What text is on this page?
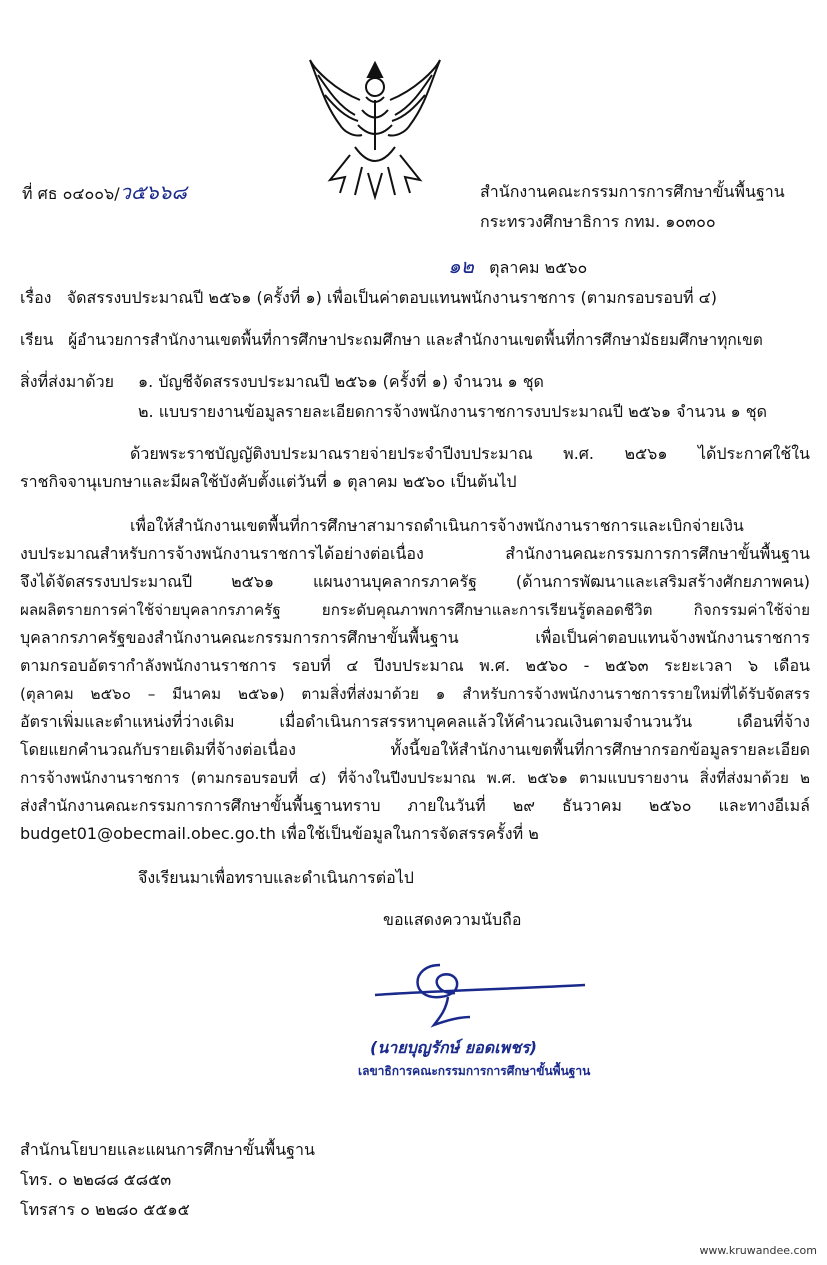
ที่ ศธ ๐๔๐๐๖/ว๕๖๖๘	สำนักงานคณะกรรมการการศึกษาขั้นพื้นฐาน
กระทรวงศึกษาธิการ กทม. ๑๐๓๐๐
๑๒ ตุลาคม ๒๕๖๐
เรื่อง จัดสรรงบประมาณปี ๒๕๖๑ (ครั้งที่ ๑) เพื่อเป็นค่าตอบแทนพนักงานราชการ (ตามกรอบรอบที่ ๔)
เรียน ผู้อำนวยการสำนักงานเขตพื้นที่การศึกษาประถมศึกษา และสำนักงานเขตพื้นที่การศึกษามัธยมศึกษาทุกเขต
สิ่งที่ส่งมาด้วย ๑. บัญชีจัดสรรงบประมาณปี ๒๕๖๑ (ครั้งที่ ๑) จำนวน ๑ ชุด
๒. แบบรายงานข้อมูลรายละเอียดการจ้างพนักงานราชการงบประมาณปี ๒๕๖๑ จำนวน ๑ ชุด
ด้วยพระราชบัญญัติงบประมาณรายจ่ายประจำปีงบประมาณ พ.ศ. ๒๕๖๑ ได้ประกาศใช้ใน
ราชกิจจานุเบกษาและมีผลใช้บังคับตั้งแต่วันที่ ๑ ตุลาคม ๒๕๖๐ เป็นต้นไป
เพื่อให้สำนักงานเขตพื้นที่การศึกษาสามารถดำเนินการจ้างพนักงานราชการและเบิกจ่ายเงิน
งบประมาณสำหรับการจ้างพนักงานราชการได้อย่างต่อเนื่อง สำนักงานคณะกรรมการการศึกษาขั้นพื้นฐาน
จึงได้จัดสรรงบประมาณปี ๒๕๖๑ แผนงานบุคลากรภาครัฐ (ด้านการพัฒนาและเสริมสร้างศักยภาพคน)
ผลผลิตรายการค่าใช้จ่ายบุคลากรภาครัฐ ยกระดับคุณภาพการศึกษาและการเรียนรู้ตลอดชีวิต กิจกรรมค่าใช้จ่าย
บุคลากรภาครัฐของสำนักงานคณะกรรมการการศึกษาขั้นพื้นฐาน เพื่อเป็นค่าตอบแทนจ้างพนักงานราชการ
ตามกรอบอัตรากำลังพนักงานราชการ รอบที่ ๔ ปีงบประมาณ พ.ศ. ๒๕๖๐ - ๒๕๖๓ ระยะเวลา ๖ เดือน
(ตุลาคม ๒๕๖๐ – มีนาคม ๒๕๖๑) ตามสิ่งที่ส่งมาด้วย ๑ สำหรับการจ้างพนักงานราชการรายใหม่ที่ได้รับจัดสรร
อัตราเพิ่มและตำแหน่งที่ว่างเดิม เมื่อดำเนินการสรรหาบุคคลแล้วให้คำนวณเงินตามจำนวนวัน เดือนที่จ้าง
โดยแยกคำนวณกับรายเดิมที่จ้างต่อเนื่อง ทั้งนี้ขอให้สำนักงานเขตพื้นที่การศึกษากรอกข้อมูลรายละเอียด
การจ้างพนักงานราชการ (ตามกรอบรอบที่ ๔) ที่จ้างในปีงบประมาณ พ.ศ. ๒๕๖๑ ตามแบบรายงาน สิ่งที่ส่งมาด้วย ๒
ส่งสำนักงานคณะกรรมการการศึกษาขั้นพื้นฐานทราบ ภายในวันที่ ๒๙ ธันวาคม ๒๕๖๐ และทางอีเมล์
budget01@obecmail.obec.go.th เพื่อใช้เป็นข้อมูลในการจัดสรรครั้งที่ ๒
จึงเรียนมาเพื่อทราบและดำเนินการต่อไป
ขอแสดงความนับถือ
(นายบุญรักษ์ ยอดเพชร)
เลขาธิการคณะกรรมการการศึกษาขั้นพื้นฐาน
สำนักนโยบายและแผนการศึกษาขั้นพื้นฐาน
โทร. ๐ ๒๒๘๘ ๕๘๕๓
โทรสาร ๐ ๒๒๘๐ ๕๕๑๕
www.kruwandee.com
